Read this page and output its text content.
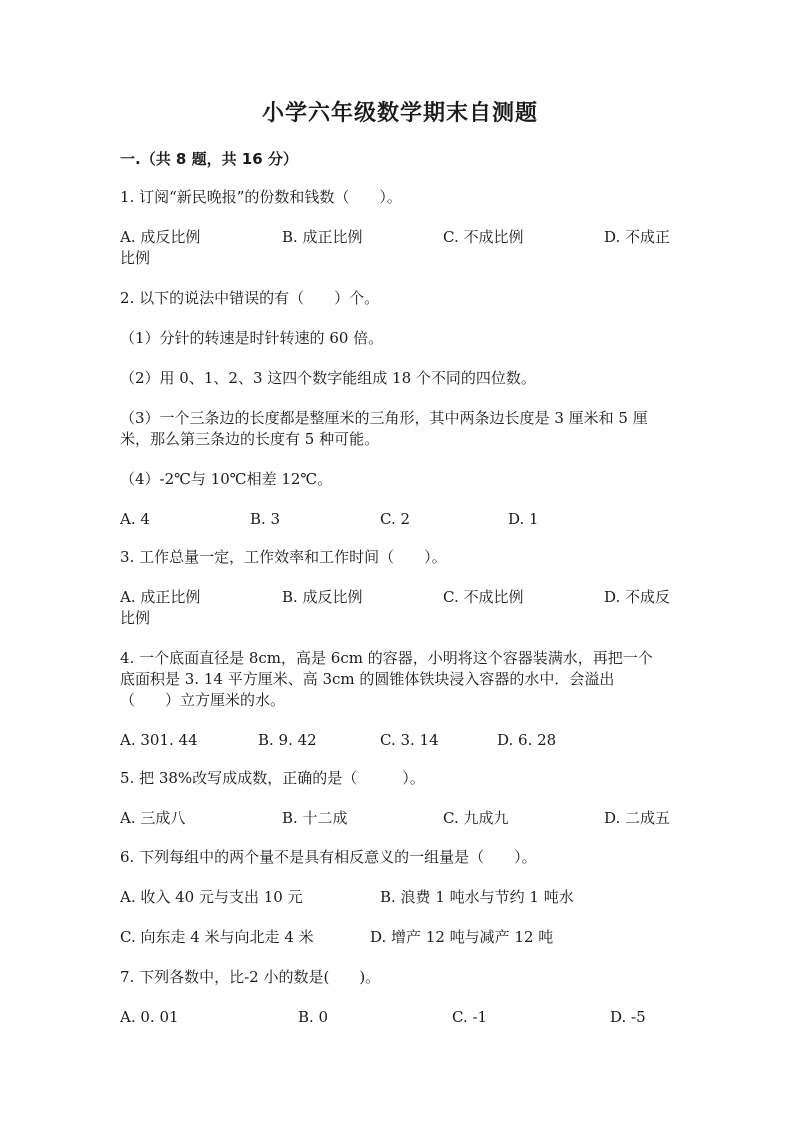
小学六年级数学期末自测题
一.（共 8 题，共 16 分）
1. 订阅“新民晚报”的份数和钱数（　　）。
A. 成反比例	B. 成正比例	C. 不成比例	D. 不成正
比例
2. 以下的说法中错误的有（　　）个。
（1）分针的转速是时针转速的 60 倍。
（2）用 0、1、2、3 这四个数字能组成 18 个不同的四位数。
（3）一个三条边的长度都是整厘米的三角形，其中两条边长度是 3 厘米和 5 厘
米，那么第三条边的长度有 5 种可能。
（4）-2℃与 10℃相差 12℃。
A. 4	B. 3	C. 2	D. 1
3. 工作总量一定，工作效率和工作时间（　　）。
A. 成正比例	B. 成反比例	C. 不成比例	D. 不成反
比例
4. 一个底面直径是 8cm，高是 6cm 的容器，小明将这个容器装满水，再把一个
底面积是 3. 14 平方厘米、高 3cm 的圆锥体铁块浸入容器的水中．会溢出
（　　）立方厘米的水。
A. 301. 44	B. 9. 42	C. 3. 14	D. 6. 28
5. 把 38%改写成成数，正确的是（　　　）。
A. 三成八	B. 十二成	C. 九成九	D. 二成五
6. 下列每组中的两个量不是具有相反意义的一组量是（　　）。
A. 收入 40 元与支出 10 元	B. 浪费 1 吨水与节约 1 吨水
C. 向东走 4 米与向北走 4 米	D. 增产 12 吨与减产 12 吨
7. 下列各数中，比-2 小的数是(　　)。
A. 0. 01	B. 0	C. -1	D. -5
